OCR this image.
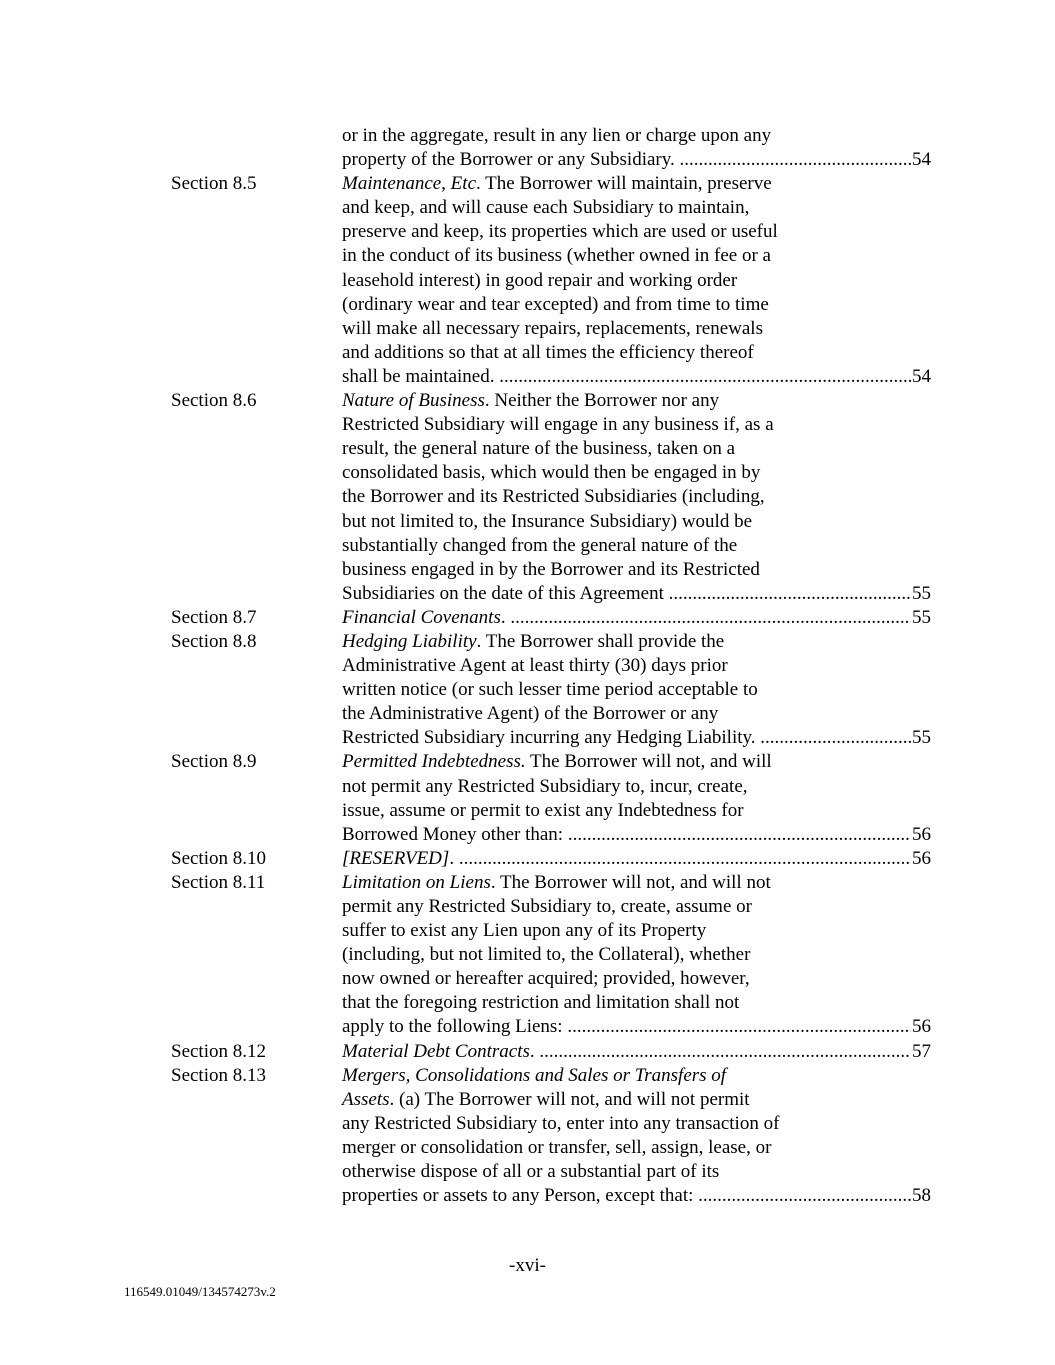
or in the aggregate, result in any lien or charge upon any
property of the Borrower or any Subsidiary. .....	54
Section 8.5	Maintenance, Etc. The Borrower will maintain, preserve
and keep, and will cause each Subsidiary to maintain,
preserve and keep, its properties which are used or useful
in the conduct of its business (whether owned in fee or a
leasehold interest) in good repair and working order
(ordinary wear and tear excepted) and from time to time
will make all necessary repairs, replacements, renewals
and additions so that at all times the efficiency thereof
shall be maintained. .....	54
Section 8.6	Nature of Business. Neither the Borrower nor any
Restricted Subsidiary will engage in any business if, as a
result, the general nature of the business, taken on a
consolidated basis, which would then be engaged in by
the Borrower and its Restricted Subsidiaries (including,
but not limited to, the Insurance Subsidiary) would be
substantially changed from the general nature of the
business engaged in by the Borrower and its Restricted
Subsidiaries on the date of this Agreement .....	55
Section 8.7	Financial Covenants. .....	55
Section 8.8	Hedging Liability. The Borrower shall provide the
Administrative Agent at least thirty (30) days prior
written notice (or such lesser time period acceptable to
the Administrative Agent) of the Borrower or any
Restricted Subsidiary incurring any Hedging Liability. .....	55
Section 8.9	Permitted Indebtedness. The Borrower will not, and will
not permit any Restricted Subsidiary to, incur, create,
issue, assume or permit to exist any Indebtedness for
Borrowed Money other than: .....	56
Section 8.10	[RESERVED]. .....	56
Section 8.11	Limitation on Liens. The Borrower will not, and will not
permit any Restricted Subsidiary to, create, assume or
suffer to exist any Lien upon any of its Property
(including, but not limited to, the Collateral), whether
now owned or hereafter acquired; provided, however,
that the foregoing restriction and limitation shall not
apply to the following Liens: .....	56
Section 8.12	Material Debt Contracts. .....	57
Section 8.13	Mergers, Consolidations and Sales or Transfers of
Assets. (a) The Borrower will not, and will not permit
any Restricted Subsidiary to, enter into any transaction of
merger or consolidation or transfer, sell, assign, lease, or
otherwise dispose of all or a substantial part of its
properties or assets to any Person, except that: .....	58
-xvi-
116549.01049/134574273v.2
